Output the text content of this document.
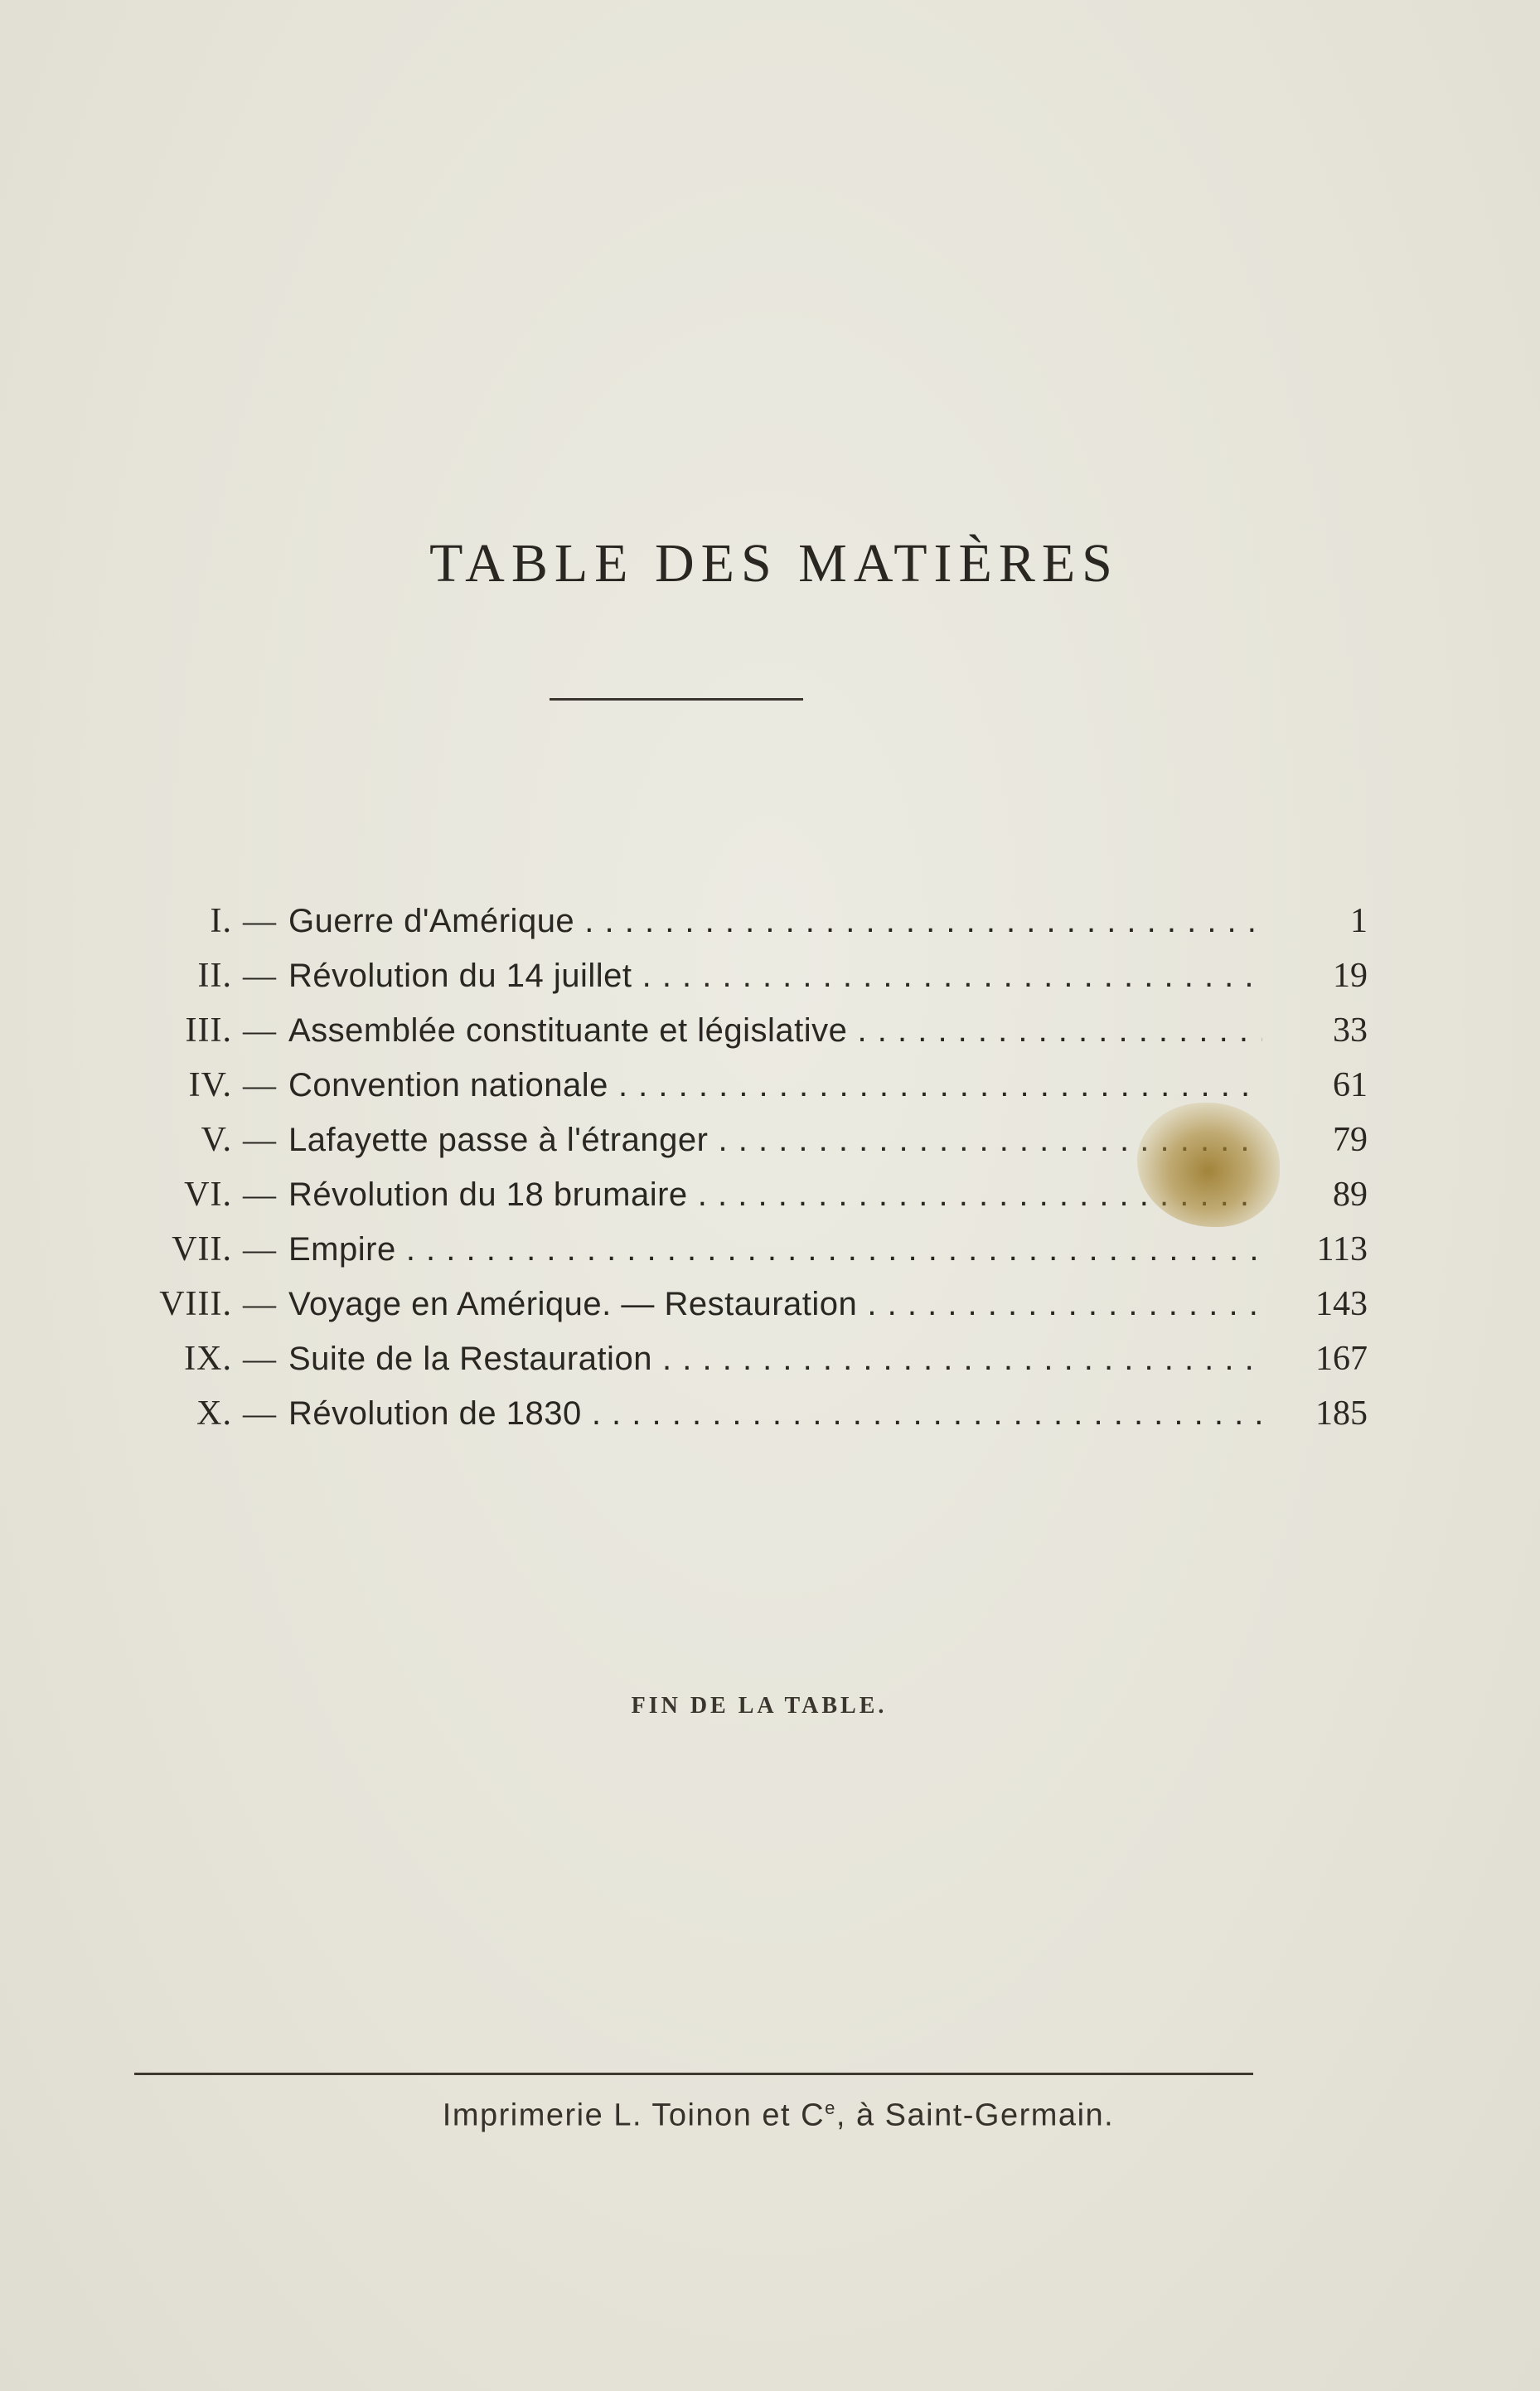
TABLE DES MATIÈRES
I. — Guerre d'Amérique . . .	1
II. — Révolution du 14 juillet . . .	19
III. — Assemblée constituante et législative . . .	33
IV. — Convention nationale . . .	61
V. — Lafayette passe à l'étranger . . .	79
VI. — Révolution du 18 brumaire . . .	89
VII. — Empire . . .	113
VIII. — Voyage en Amérique. — Restauration . . .	143
IX. — Suite de la Restauration . . .	167
X. — Révolution de 1830 . . .	185
FIN DE LA TABLE.
Imprimerie L. Toinon et Ce, à Saint-Germain.
